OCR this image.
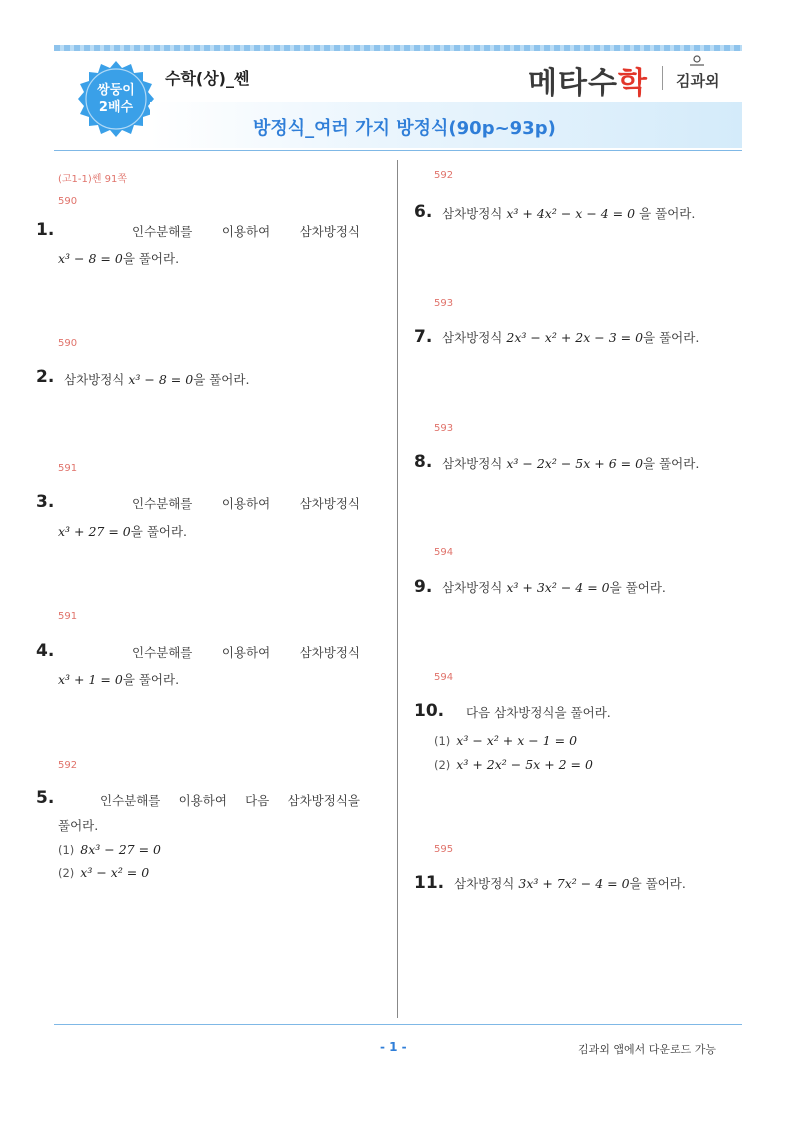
쌍둥이
2배수
수학(상)_쎈	메타수학 김과외
방정식_여러 가지 방정식(90p~93p)
(고1-1)쎈 91쪽
590
1.	인수분해를 이용하여 삼차방정식
x³ − 8 = 0을 풀어라.
590
2. 삼차방정식 x³ − 8 = 0을 풀어라.
591
3.	인수분해를 이용하여 삼차방정식
x³ + 27 = 0을 풀어라.
591
4.	인수분해를 이용하여 삼차방정식
x³ + 1 = 0을 풀어라.
592
5.	인수분해를 이용하여 다음 삼차방정식을
풀어라.
(1) 8x³ − 27 = 0
(2) x³ − x² = 0
592
6. 삼차방정식 x³ + 4x² − x − 4 = 0 을 풀어라.
593
7. 삼차방정식 2x³ − x² + 2x − 3 = 0을 풀어라.
593
8. 삼차방정식 x³ − 2x² − 5x + 6 = 0을 풀어라.
594
9. 삼차방정식 x³ + 3x² − 4 = 0을 풀어라.
594
10. 다음 삼차방정식을 풀어라.
(1) x³ − x² + x − 1 = 0
(2) x³ + 2x² − 5x + 2 = 0
595
11. 삼차방정식 3x³ + 7x² − 4 = 0을 풀어라.
- 1 -	김과외 앱에서 다운로드 가능
